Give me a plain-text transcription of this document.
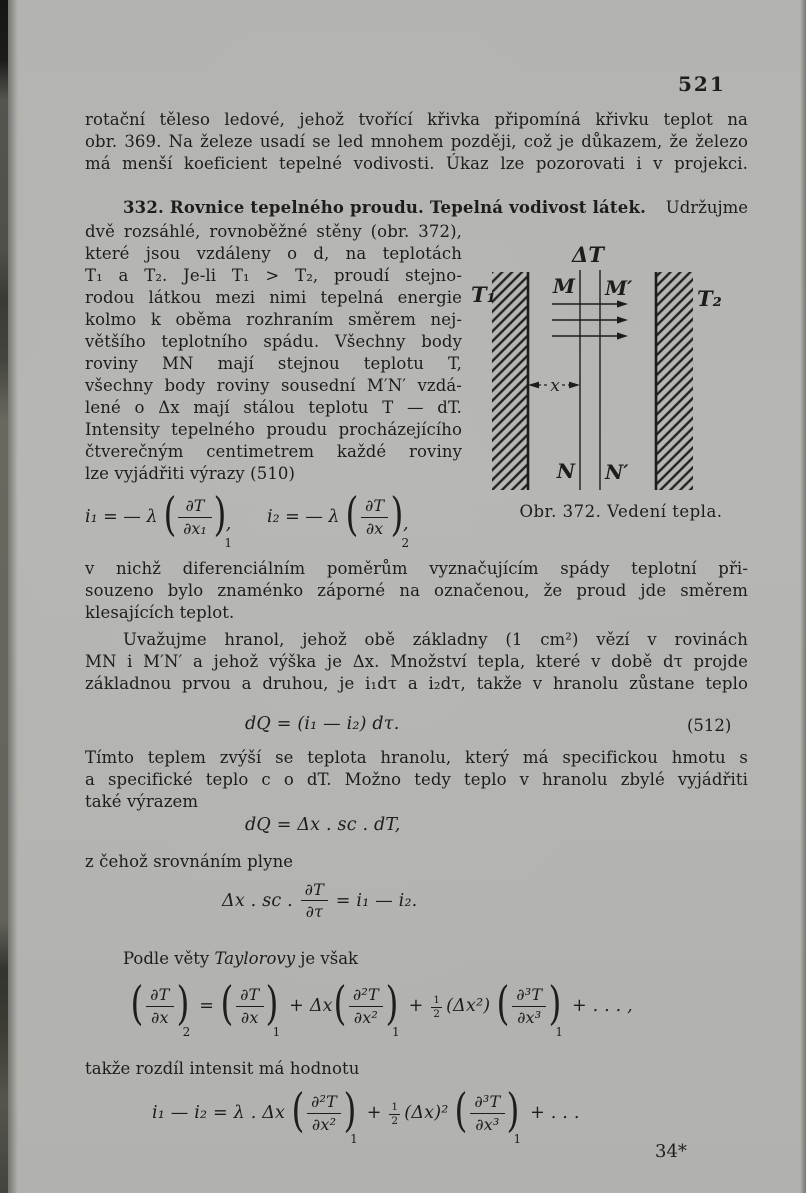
521
rotační těleso ledové, jehož tvořící křivka připomíná křivku teplot na
obr. 369. Na železe usadí se led mnohem později, což je důkazem, že železo
má menší koeficient tepelné vodivosti. Úkaz lze pozorovati i v projekci.
332. Rovnice tepelného proudu. Tepelná vodivost látek. Udržujme
dvě rozsáhlé, rovnoběžné stěny (obr. 372),
které jsou vzdáleny o d, na teplotách
T₁ a T₂. Je-li T₁ > T₂, proudí stejno-
rodou látkou mezi nimi tepelná energie
kolmo k oběma rozhraním směrem nej-
většího teplotního spádu. Všechny body
roviny MN mají stejnou teplotu T,
všechny body roviny sousední M′N′ vzdá-
lené o Δx mají stálou teplotu T — dT.
Intensity tepelného proudu procházejícího
čtverečným centimetrem každé roviny
lze vyjádřiti výrazy (510)
i₁ = — λ ( $\frac{\partial T}{\text{∂x₁}}$ ) ,
1
i₂ = — λ ( $\frac{\partial T}{\partial x}$ ) ,
2
x
ΔT
M M′
T₁	T₂
N N′
Obr. 372. Vedení tepla.
v nichž diferenciálním poměrům vyznačujícím spády teplotní při-
souzeno bylo znaménko záporné na označenou, že proud jde směrem
klesajících teplot.
Uvažujme hranol, jehož obě základny (1 cm²) vězí v rovinách
MN i M′N′ a jehož výška je Δx. Množství tepla, které v době dτ projde
základnou prvou a druhou, je i₁dτ a i₂dτ, takže v hranolu zůstane teplo
dQ = (i₁ — i₂) dτ.	(512)
Tímto teplem zvýší se teplota hranolu, který má specifickou hmotu s
a specifické teplo c o dT. Možno tedy teplo v hranolu zbylé vyjádřiti
také výrazem
dQ = Δx . sc . dT,
z čehož srovnáním plyne
Δx . sc . $\frac{\partial T}{\partial\tau} = i_1$ — i₂.
Podle věty Taylorovy je však
( $\frac{\partial T}{\partial x}$ )
2
= ( $\frac{\partial T}{\partial x}$ )
1
+ Δx ( $\frac{\text{∂²T}}{\text{∂x²}}$ )
1
+ $\frac{1}{2} (\Delta x^2)$ ( $\frac{\text{∂³T}}{\text{∂x³}}$ )
1
+ . . . ,
takže rozdíl intensit má hodnotu
i₁ — i₂ = λ . Δx ( $\frac{\text{∂²T}}{\text{∂x²}}$ )
1
+ $\frac{1}{2} (\Delta x)^2$ ( $\frac{\text{∂³T}}{\text{∂x³}}$ )
1
+ . . .
34*
